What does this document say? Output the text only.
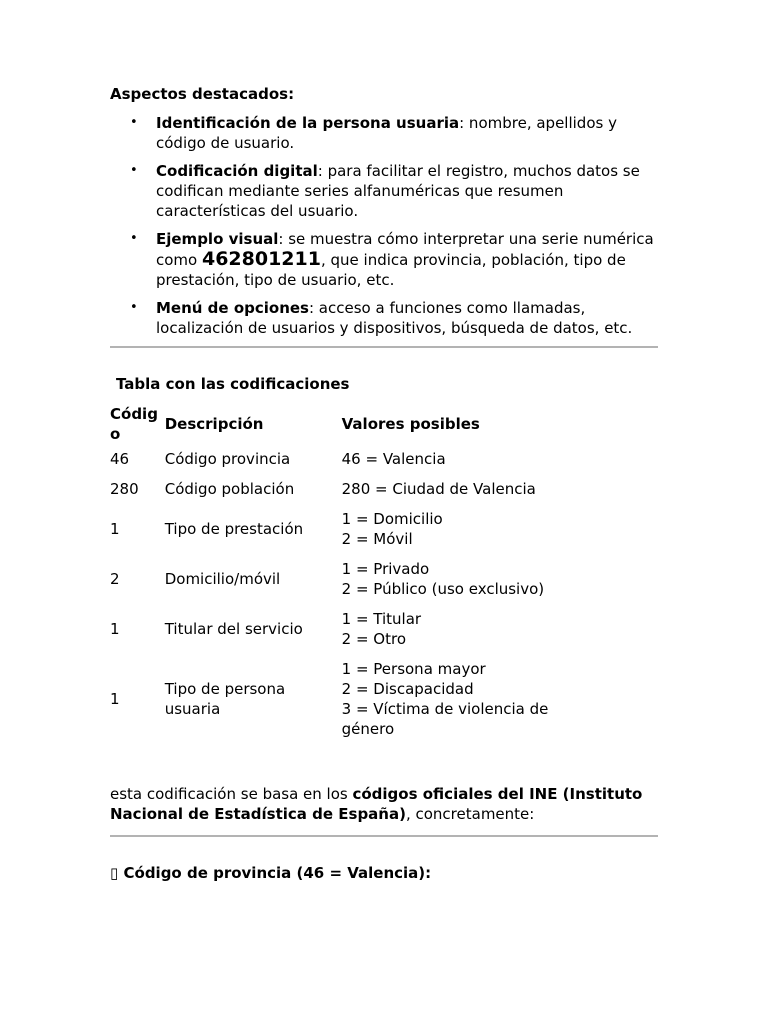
Aspectos destacados:

• Identificación de la persona usuaria: nombre, apellidos y código de usuario.
• Codificación digital: para facilitar el registro, muchos datos se codifican mediante series alfanuméricas que resumen características del usuario.
• Ejemplo visual: se muestra cómo interpretar una serie numérica como 462801211, que indica provincia, población, tipo de prestación, tipo de usuario, etc.
• Menú de opciones: acceso a funciones como llamadas, localización de usuarios y dispositivos, búsqueda de datos, etc.

Tabla con las codificaciones

Códig o	Descripción	Valores posibles
46	Código provincia	46 = Valencia

280	Código población	280 = Ciudad de Valencia

1	Tipo de prestación	1 = Domicilio
2 = Móvil

2	Domicilio/móvil	1 = Privado
2 = Público (uso exclusivo)

1	Titular del servicio	1 = Titular
2 = Otro

1	Tipo de persona usuaria	1 = Persona mayor
2 = Discapacidad
3 = Víctima de violencia de género

esta codificación se basa en los códigos oficiales del INE (Instituto Nacional de Estadística de España), concretamente:

▯ Código de provincia (46 = Valencia):
